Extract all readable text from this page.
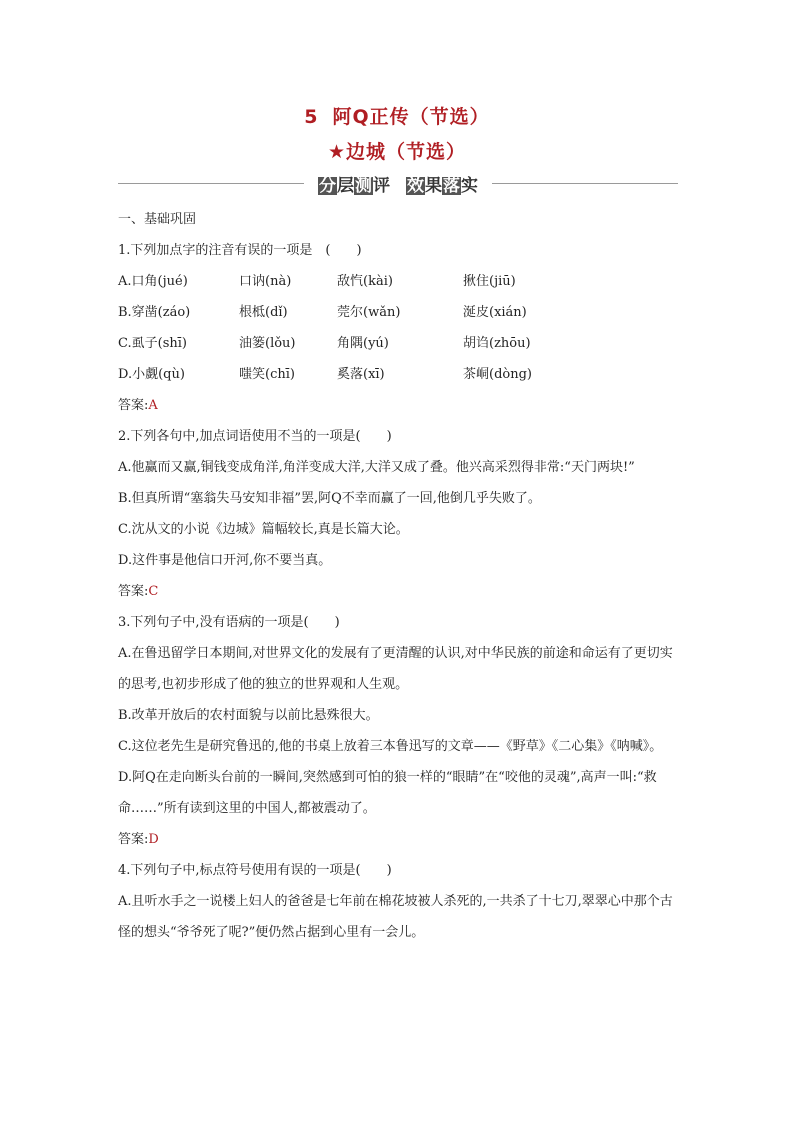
5 阿Q正传（节选）
★边城（节选）
分层测评 效果落实

一、基础巩固

1.下列加点字的注音有误的一项是　(　　)

A.口角(jué)	口讷(nà)	敌忾(kài)	揪住(jiū)
B.穿凿(záo)	根柢(dǐ)	莞尔(wǎn)	涎皮(xián)
C.虱子(shī)	油篓(lǒu)	角隅(yú)	胡诌(zhōu)
D.小觑(qù)	嗤笑(chī)	奚落(xī)	茶峒(dòng)

答案:A

2.下列各句中,加点词语使用不当的一项是(　　)

A.他赢而又赢,铜钱变成角洋,角洋变成大洋,大洋又成了叠。他兴高采烈得非常:“天门两块!”

B.但真所谓“塞翁失马安知非福”罢,阿Q不幸而赢了一回,他倒几乎失败了。

C.沈从文的小说《边城》篇幅较长,真是长篇大论。

D.这件事是他信口开河,你不要当真。

答案:C

3.下列句子中,没有语病的一项是(　　)

A.在鲁迅留学日本期间,对世界文化的发展有了更清醒的认识,对中华民族的前途和命运有了更切实的思考,也初步形成了他的独立的世界观和人生观。

B.改革开放后的农村面貌与以前比悬殊很大。

C.这位老先生是研究鲁迅的,他的书桌上放着三本鲁迅写的文章——《野草》《二心集》《呐喊》。

D.阿Q在走向断头台前的一瞬间,突然感到可怕的狼一样的“眼睛”在“咬他的灵魂”,高声一叫:“救命……”所有读到这里的中国人,都被震动了。

答案:D

4.下列句子中,标点符号使用有误的一项是(　　)

A.且听水手之一说楼上妇人的爸爸是七年前在棉花坡被人杀死的,一共杀了十七刀,翠翠心中那个古怪的想头“爷爷死了呢?”便仍然占据到心里有一会儿。
